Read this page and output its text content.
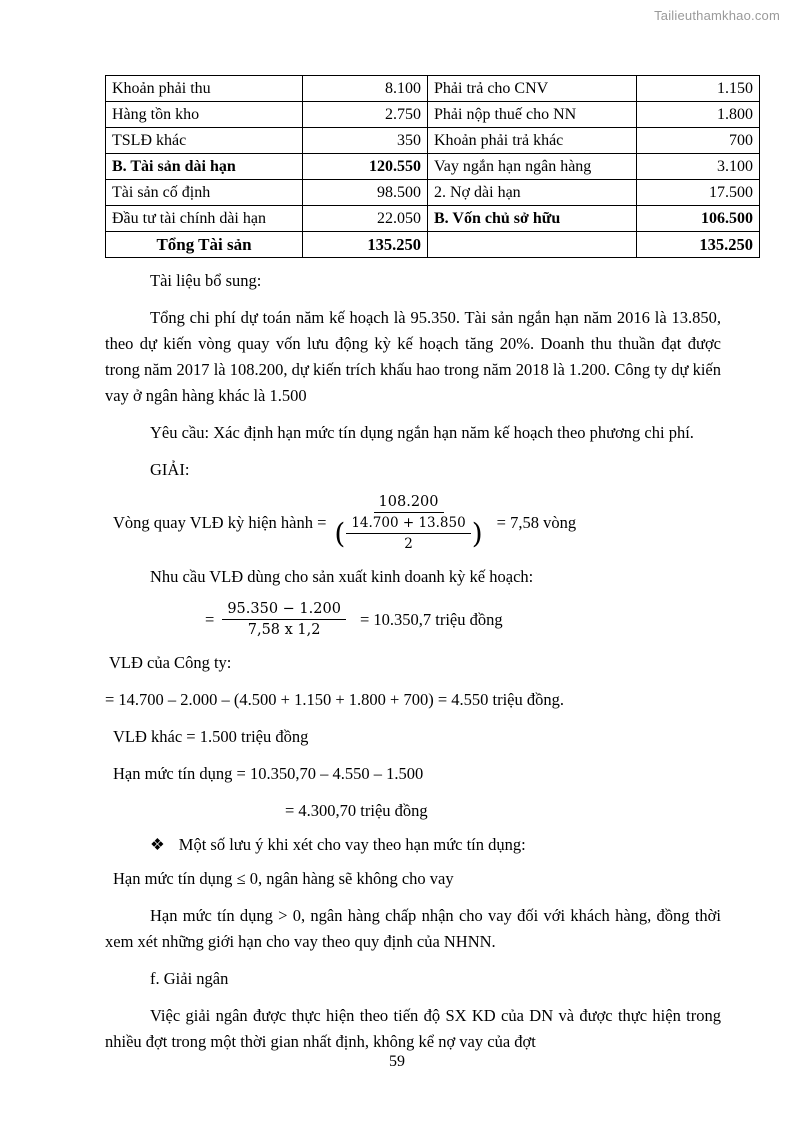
Tailieuthamkhao.com
Khoản phải thu	8.100	Phải trả cho CNV	1.150
Hàng tồn kho	2.750	Phải nộp thuế cho NN	1.800
TSLĐ khác	350	Khoản phải trả khác	700
B. Tài sản dài hạn	120.550	Vay ngắn hạn ngân hàng	3.100
Tài sản cố định	98.500	2. Nợ dài hạn	17.500
Đầu tư tài chính dài hạn	22.050	B. Vốn chủ sở hữu	106.500
Tổng Tài sản	135.250		135.250

Tài liệu bổ sung:

Tổng chi phí dự toán năm kế hoạch là 95.350. Tài sản ngắn hạn năm 2016 là 13.850, theo dự kiến vòng quay vốn lưu động kỳ kế hoạch tăng 20%. Doanh thu thuần đạt được trong năm 2017 là 108.200, dự kiến trích khấu hao trong năm 2018 là 1.200. Công ty dự kiến vay ở ngân hàng khác là 1.500

Yêu cầu: Xác định hạn mức tín dụng ngắn hạn năm kế hoạch theo phương chi phí.

GIẢI:

Vòng quay VLĐ kỳ hiện hành =
108.200
( $\frac{14.700 + 13.850}{2}$ ) = 7,58 vòng

Nhu cầu VLĐ dùng cho sản xuất kinh doanh kỳ kế hoạch:

= $\frac{95.350 - 1.200}{7,58 x 1,2} = 10.350,7$ triệu đồng

VLĐ của Công ty:

= 14.700 – 2.000 – (4.500 + 1.150 + 1.800 + 700) = 4.550 triệu đồng.

VLĐ khác = 1.500 triệu đồng

Hạn mức tín dụng = 10.350,70 – 4.550 – 1.500

= 4.300,70 triệu đồng

❖ Một số lưu ý khi xét cho vay theo hạn mức tín dụng:

Hạn mức tín dụng ≤ 0, ngân hàng sẽ không cho vay

Hạn mức tín dụng > 0, ngân hàng chấp nhận cho vay đối với khách hàng, đồng thời xem xét những giới hạn cho vay theo quy định của NHNN.

f. Giải ngân

Việc giải ngân được thực hiện theo tiến độ SX KD của DN và được thực hiện trong nhiều đợt trong một thời gian nhất định, không kể nợ vay của đợt

59
